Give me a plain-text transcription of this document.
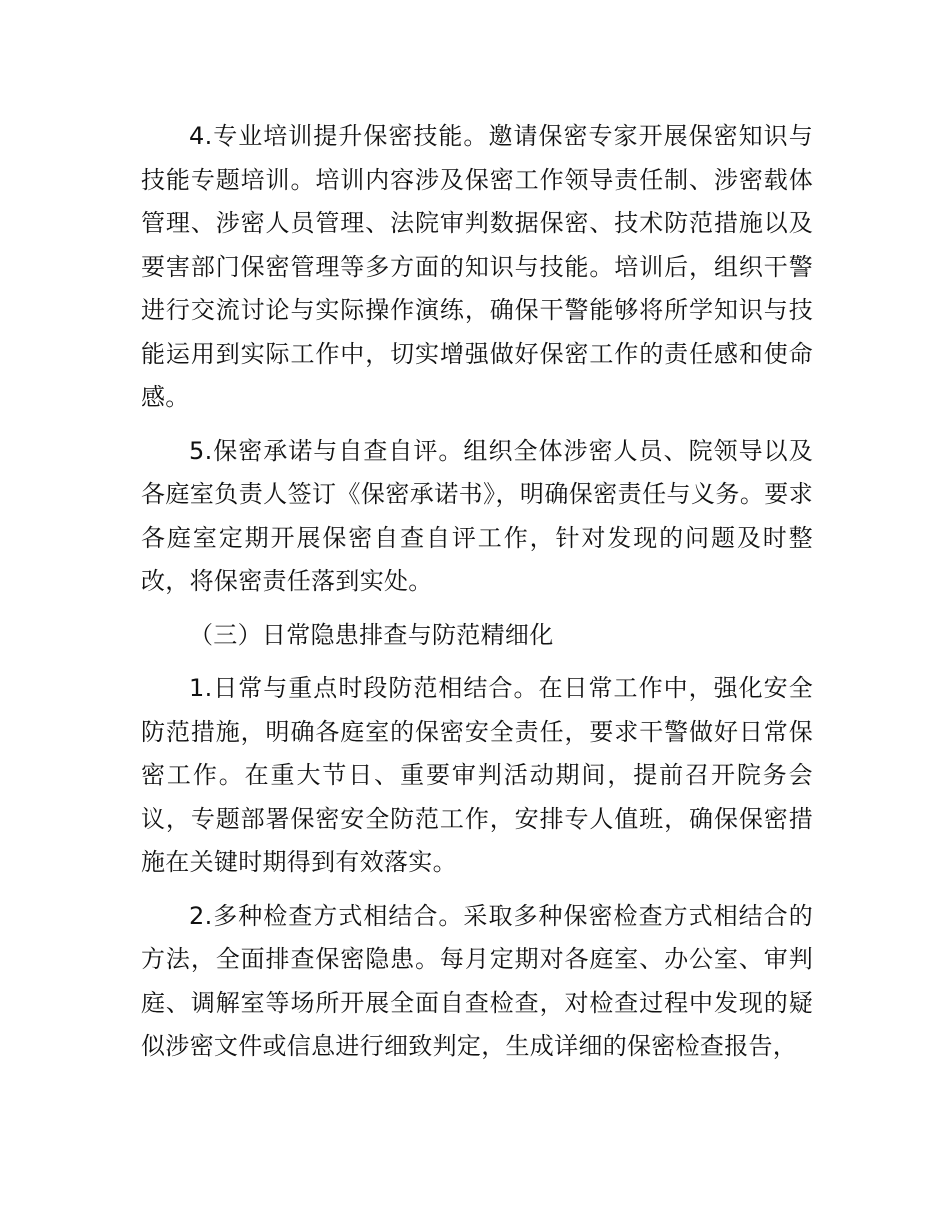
4.专业培训提升保密技能。邀请保密专家开展保密知识与技能专题培训。培训内容涉及保密工作领导责任制、涉密载体管理、涉密人员管理、法院审判数据保密、技术防范措施以及要害部门保密管理等多方面的知识与技能。培训后，组织干警进行交流讨论与实际操作演练，确保干警能够将所学知识与技能运用到实际工作中，切实增强做好保密工作的责任感和使命感。

5.保密承诺与自查自评。组织全体涉密人员、院领导以及各庭室负责人签订《保密承诺书》，明确保密责任与义务。要求各庭室定期开展保密自查自评工作，针对发现的问题及时整改，将保密责任落到实处。

（三）日常隐患排查与防范精细化

1.日常与重点时段防范相结合。在日常工作中，强化安全防范措施，明确各庭室的保密安全责任，要求干警做好日常保密工作。在重大节日、重要审判活动期间，提前召开院务会议，专题部署保密安全防范工作，安排专人值班，确保保密措施在关键时期得到有效落实。

2.多种检查方式相结合。采取多种保密检查方式相结合的方法，全面排查保密隐患。每月定期对各庭室、办公室、审判庭、调解室等场所开展全面自查检查，对检查过程中发现的疑似涉密文件或信息进行细致判定，生成详细的保密检查报告，
